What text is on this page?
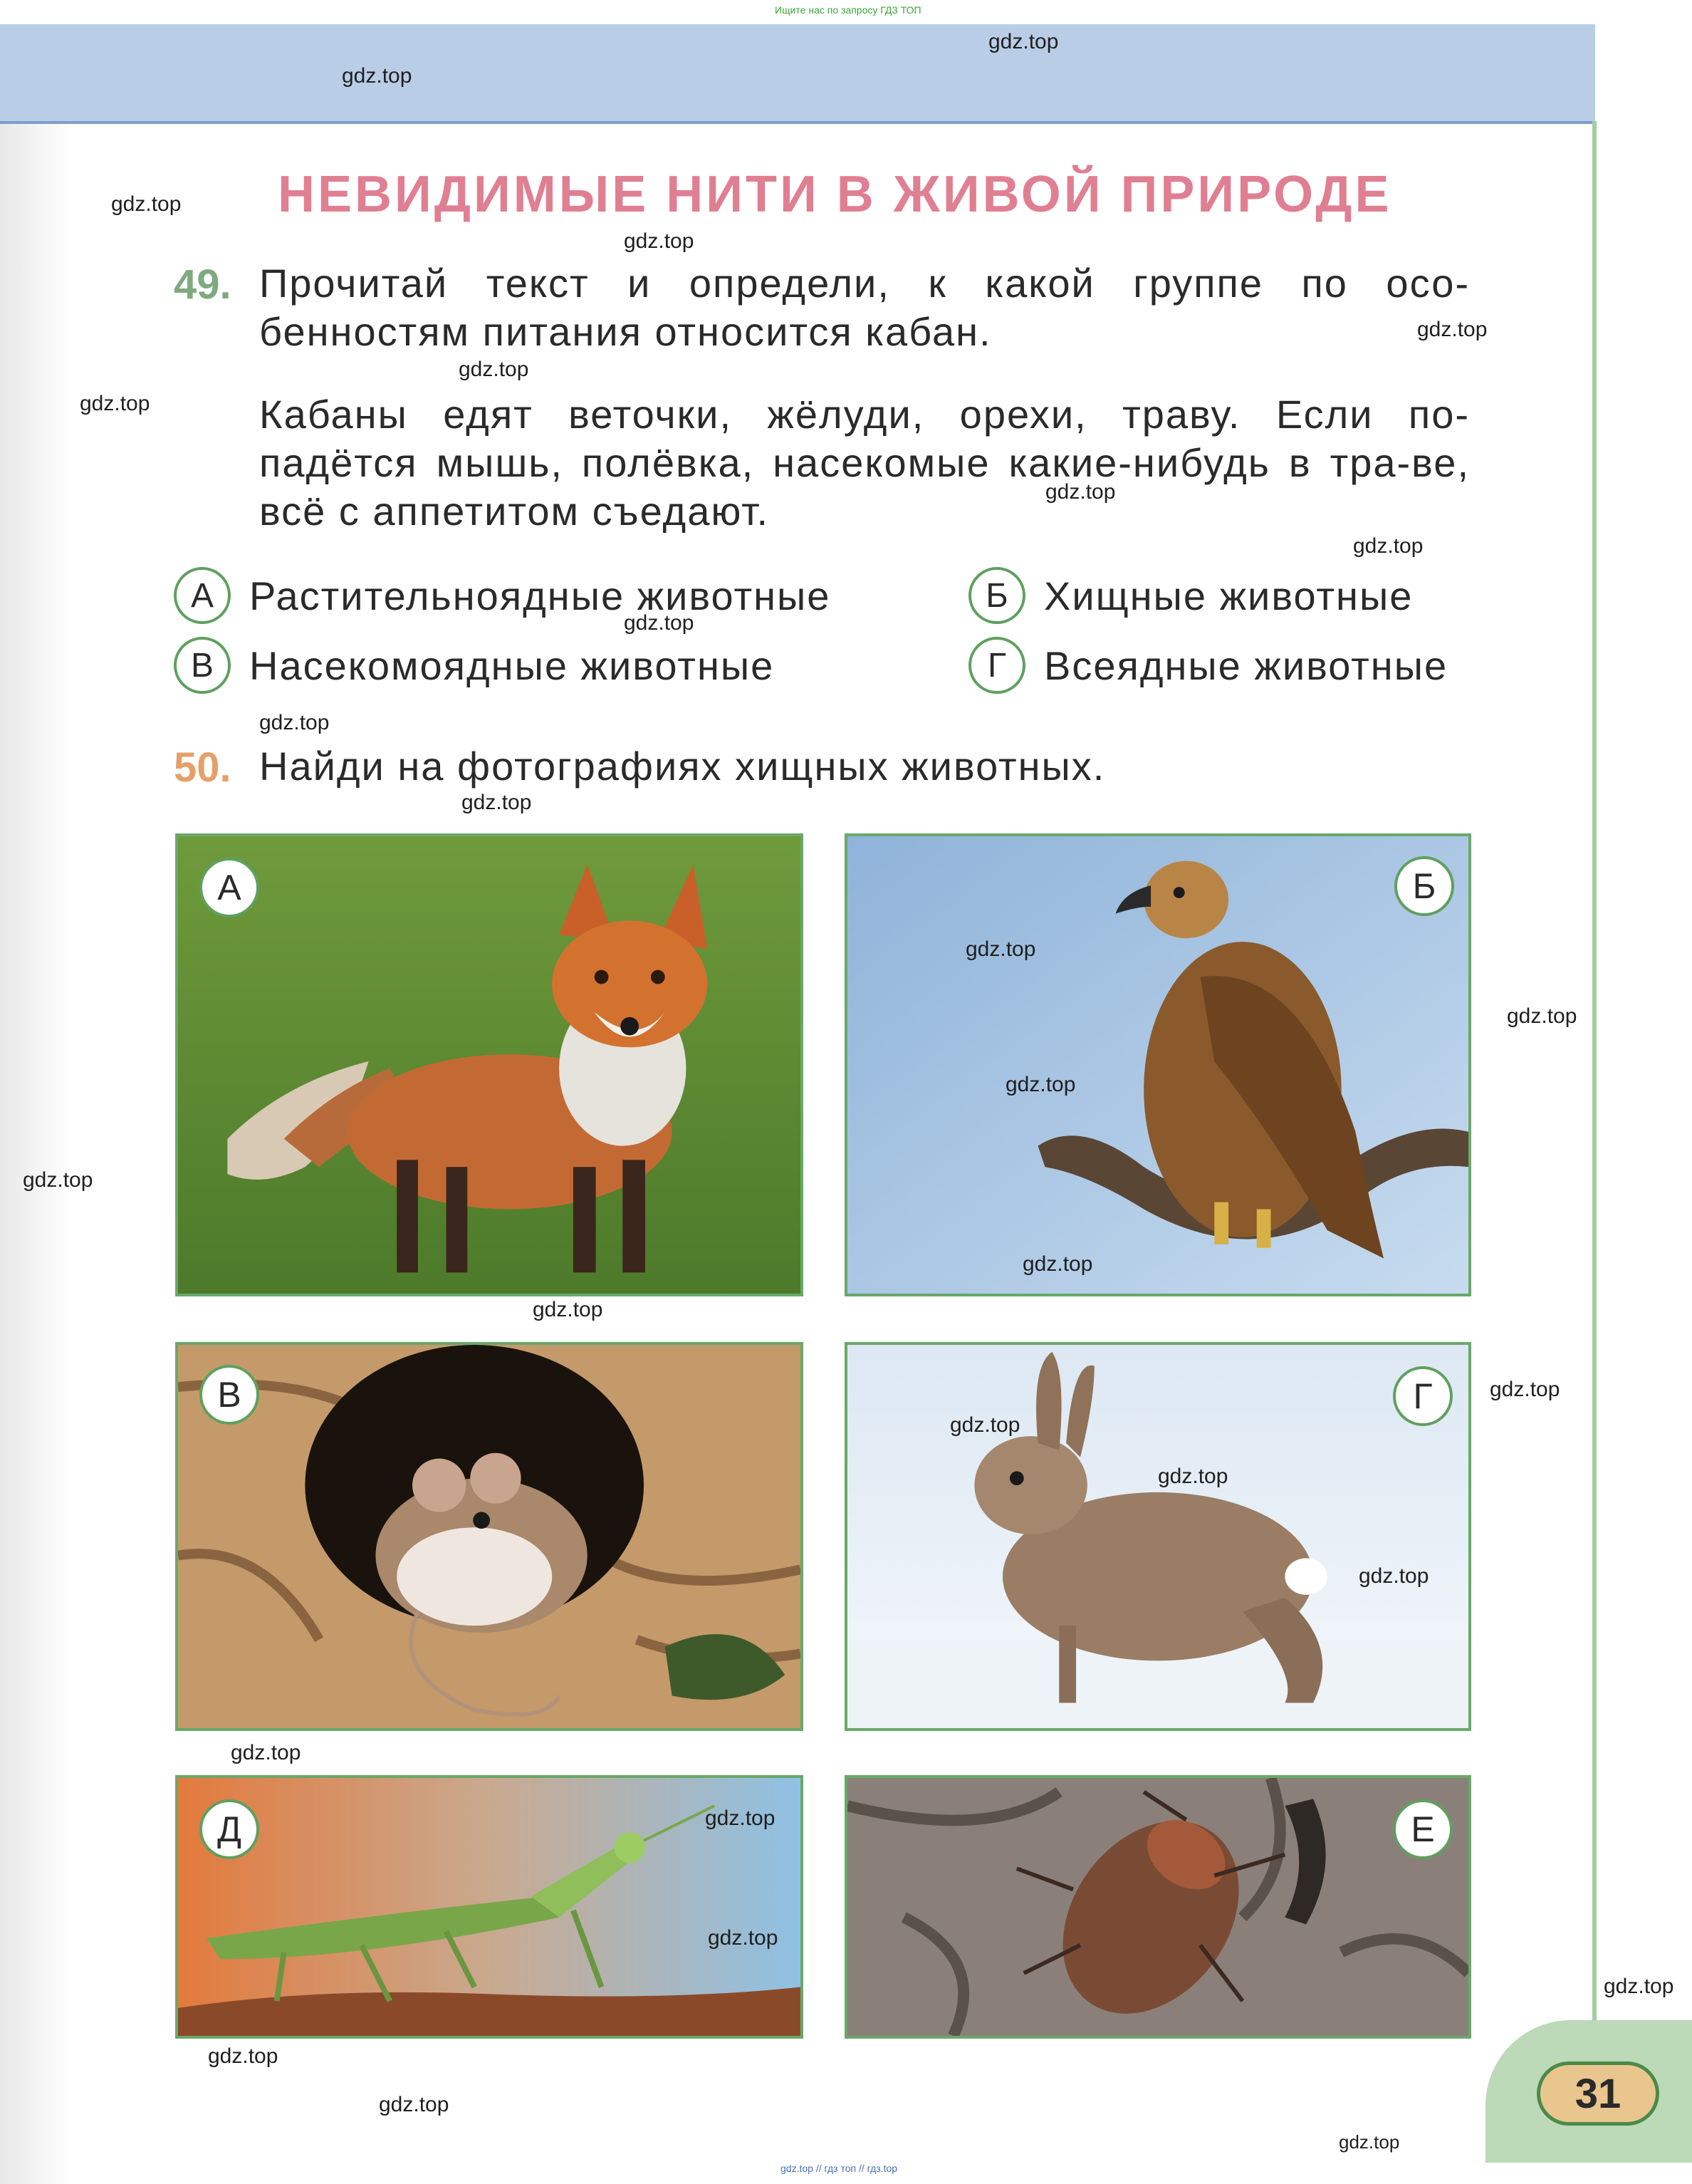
Ищите нас по запросу ГДЗ ТОП
gdz.top
gdz.top
gdz.top
gdz.top
gdz.top
gdz.top
gdz.top
gdz.top
gdz.top
gdz.top
gdz.top
gdz.top
gdz.top
gdz.top
gdz.top
gdz.top
gdz.top
gdz.top
gdz.top
gdz.top
gdz.top
НЕВИДИМЫЕ НИТИ В ЖИВОЙ ПРИРОДЕ
49. Прочитай текст и определи, к какой группе по осо-бенностям питания относится кабан.
Кабаны едят веточки, жёлуди, орехи, траву. Если по-падётся мышь, полёвка, насекомые какие-нибудь в тра-ве, всё с аппетитом съедают.
А Растительноядные животные	Б Хищные животные
В Насекомоядные животные	Г Всеядные животные
50. Найди на фотографиях хищных животных.
А	Б
В	Г
Д	Е
gdz.top
gdz.top
gdz.top
gdz.top
gdz.top
gdz.top
gdz.top
gdz.top
31
gdz.top // гдз топ // гдз.top
